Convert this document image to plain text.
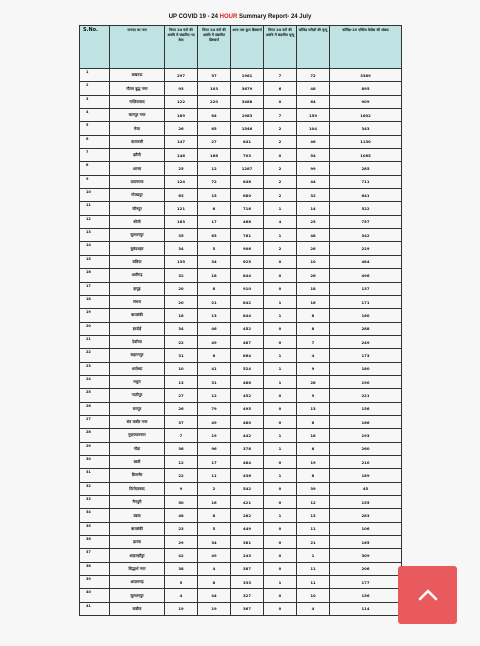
UP COVID 19 - 24 HOUR Summary Report- 24 July
S.No.	जनपद का नाम	विगत 24 घंटों की अवधि में संक्रमित नए केस	विगत 24 घंटों की अवधि में संक्रमित डिस्चार्ज	आज तक कुल डिस्चार्ज	विगत 24 घंटों की अवधि में संक्रमित मृत्यु	कोविड मरीज़ों की मृत्यु	कोविड-19 एक्टिव केसेस की संख्या
1	लखनऊ	297	97	1961	7	72	3389
2	गौतम बुद्ध नगर	93	103	3679	6	48	895
3	गाज़ियाबाद	122	220	3488	0	64	909
4	कानपुर नगर	189	64	1983	7	159	1602
5	मेरठ	26	65	1546	2	104	343
6	वाराणसी	147	27	641	2	46	1130
7	झाँसी	146	168	703	0	54	1065
8	आगरा	25	12	1287	2	99	285
9	प्रयागराज	124	72	648	2	44	711
10	गोरखपुर	63	15	680	2	32	641
11	जौनपुर	121	6	716	1	14	522
12	बरेली	163	17	468	4	25	757
13	सुल्तानपुर	35	63	781	1	48	342
14	बुलंदशहर	34	5	906	2	26	229
15	बलिया	135	34	625	0	10	484
16	अलीगढ़	32	18	844	0	26	496
17	हापुड़	20	8	910	0	18	137
18	संभल	20	21	842	1	16	171
19	बाराबंकी	18	13	844	1	8	160
20	हरदोई	34	46	452	0	8	288
21	देवरिया	22	49	487	0	7	249
22	सहारनपुर	31	6	864	1	4	173
23	अयोध्या	10	41	524	1	9	180
24	मथुरा	13	31	486	1	28	190
25	गाज़ीपुर	27	12	452	0	9	221
26	रामपुर	26	79	495	0	13	156
27	संत कबीर नगर	37	49	480	0	8	166
28	मुज़फ्फरनगर	7	19	442	1	18	193
29	गोंडा	36	96	378	1	6	260
30	बस्ती	12	17	484	0	19	210
31	बिजनौर	22	11	436	1	8	189
32	फ़िरोज़ाबाद	9	2	542	0	39	45
33	मैनपुरी	50	16	421	0	12	155
34	उन्नाव	48	8	282	1	13	283
35	बाराबंकी	23	5	449	0	11	106
36	इटावा	29	34	381	0	21	165
37	शाहजहाँपुर	42	49	243	0	1	309
38	सिद्धार्थ नगर	38	4	387	0	11	206
39	आज़मगढ़	5	8	333	1	11	177
40	सुल्तानपुर	4	44	327	0	10	156
41	कन्नौज	19	19	367	0	4	114
